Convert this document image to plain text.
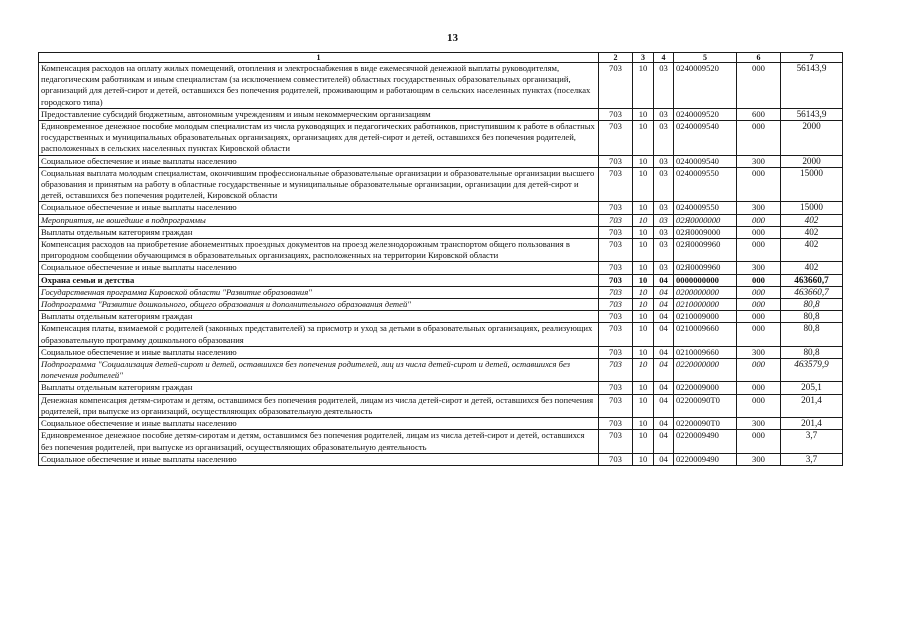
13
1	2	3	4	5	6	7
Компенсация расходов на оплату жилых помещений, отопления и электроснабжения в виде ежемесячной денежной выплаты руководителям, педагогическим работникам и иным специалистам (за исключением совместителей) областных государственных образовательных организаций, организаций для детей-сирот и детей, оставшихся без попечения родителей, проживающим и работающим в сельских населенных пунктах (поселках городского типа)	703	10	03	0240009520	000	56143,9
Предоставление субсидий бюджетным, автономным учреждениям и иным некоммерческим организациям	703	10	03	0240009520	600	56143,9
Единовременное денежное пособие молодым специалистам из числа руководящих и педагогических работников, приступившим к работе в областных государственных и муниципальных образовательных организациях, организациях для детей-сирот и детей, оставшихся без попечения родителей, расположенных в сельских населенных пунктах Кировской области	703	10	03	0240009540	000	2000
Социальное обеспечение и иные выплаты населению	703	10	03	0240009540	300	2000
Социальная выплата молодым специалистам, окончившим профессиональные образовательные организации и образовательные организации высшего образования и принятым на работу в областные государственные и муниципальные образовательные организации, организации для детей-сирот и детей, оставшихся без попечения родителей, Кировской области	703	10	03	0240009550	000	15000
Социальное обеспечение и иные выплаты населению	703	10	03	0240009550	300	15000
Мероприятия, не вошедшие в подпрограммы	703	10	03	02Я0000000	000	402
Выплаты отдельным категориям граждан	703	10	03	02Я0009000	000	402
Компенсация расходов на приобретение абонементных проездных документов на проезд железнодорожным транспортом общего пользования в пригородном сообщении обучающимся в образовательных организациях, расположенных на территории Кировской области	703	10	03	02Я0009960	000	402
Социальное обеспечение и иные выплаты населению	703	10	03	02Я0009960	300	402
Охрана семьи и детства	703	10	04	0000000000	000	463660,7
Государственная программа Кировской области "Развитие образования"	703	10	04	0200000000	000	463660,7
Подпрограмма "Развитие дошкольного, общего образования и дополнительного образования детей"	703	10	04	0210000000	000	80,8
Выплаты отдельным категориям граждан	703	10	04	0210009000	000	80,8
Компенсация платы, взимаемой с родителей (законных представителей) за присмотр и уход за детьми в образовательных организациях, реализующих образовательную программу дошкольного образования	703	10	04	0210009660	000	80,8
Социальное обеспечение и иные выплаты населению	703	10	04	0210009660	300	80,8
Подпрограмма "Социализация детей-сирот и детей, оставшихся без попечения родителей, лиц из числа детей-сирот и детей, оставшихся без попечения родителей"	703	10	04	0220000000	000	463579,9
Выплаты отдельным категориям граждан	703	10	04	0220009000	000	205,1
Денежная компенсация детям-сиротам и детям, оставшимся без попечения родителей, лицам из числа детей-сирот и детей, оставшихся без попечения родителей, при выпуске из организаций, осуществляющих образовательную деятельность	703	10	04	02200090Т0	000	201,4
Социальное обеспечение и иные выплаты населению	703	10	04	02200090Т0	300	201,4
Единовременное денежное пособие детям-сиротам и детям, оставшимся без попечения родителей, лицам из числа детей-сирот и детей, оставшихся без попечения родителей, при выпуске из организаций, осуществляющих образовательную деятельность	703	10	04	0220009490	000	3,7
Социальное обеспечение и иные выплаты населению	703	10	04	0220009490	300	3,7
